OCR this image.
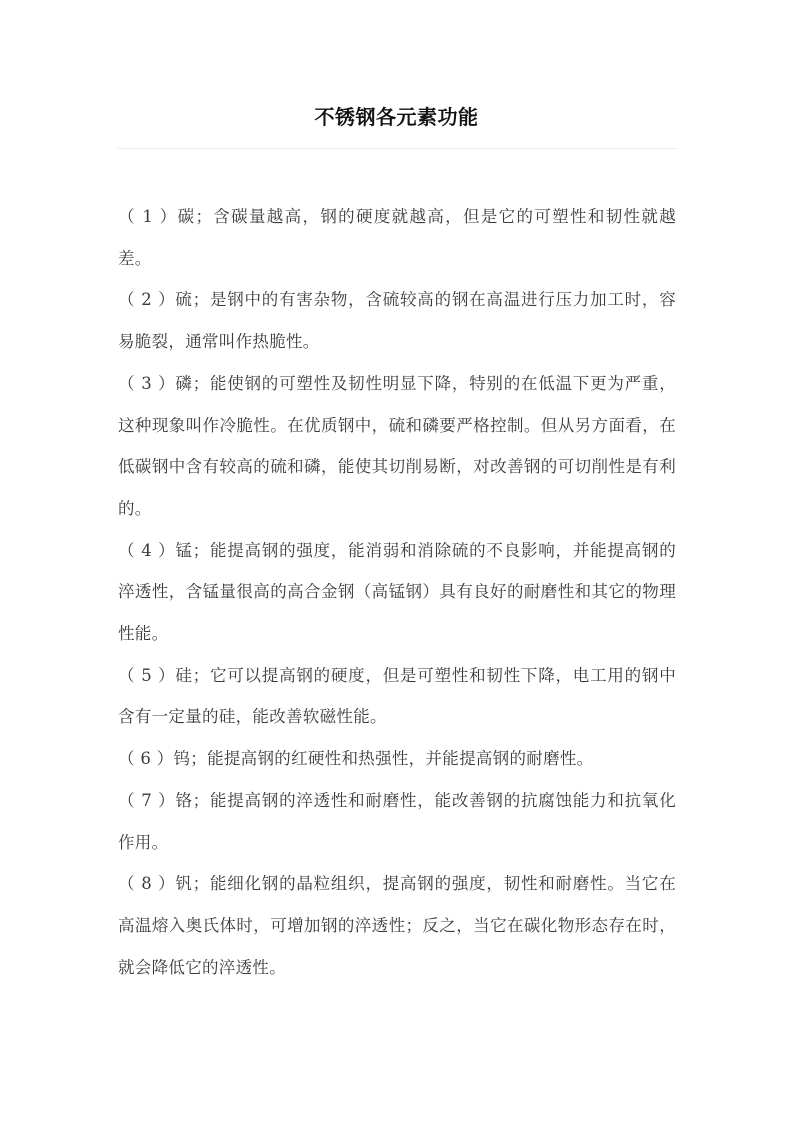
不锈钢各元素功能

（ 1 ）碳；含碳量越高，钢的硬度就越高，但是它的可塑性和韧性就越差。

（ 2 ）硫；是钢中的有害杂物，含硫较高的钢在高温进行压力加工时，容易脆裂，通常叫作热脆性。

（ 3 ）磷；能使钢的可塑性及韧性明显下降，特别的在低温下更为严重，这种现象叫作冷脆性。在优质钢中，硫和磷要严格控制。但从另方面看，在低碳钢中含有较高的硫和磷，能使其切削易断，对改善钢的可切削性是有利的。

（ 4 ）锰；能提高钢的强度，能消弱和消除硫的不良影响，并能提高钢的淬透性，含锰量很高的高合金钢（高锰钢）具有良好的耐磨性和其它的物理性能。

（ 5 ）硅；它可以提高钢的硬度，但是可塑性和韧性下降，电工用的钢中含有一定量的硅，能改善软磁性能。

（ 6 ）钨；能提高钢的红硬性和热强性，并能提高钢的耐磨性。

（ 7 ）铬；能提高钢的淬透性和耐磨性，能改善钢的抗腐蚀能力和抗氧化作用。

（ 8 ）钒；能细化钢的晶粒组织，提高钢的强度，韧性和耐磨性。当它在高温熔入奥氏体时，可增加钢的淬透性；反之，当它在碳化物形态存在时，就会降低它的淬透性。
